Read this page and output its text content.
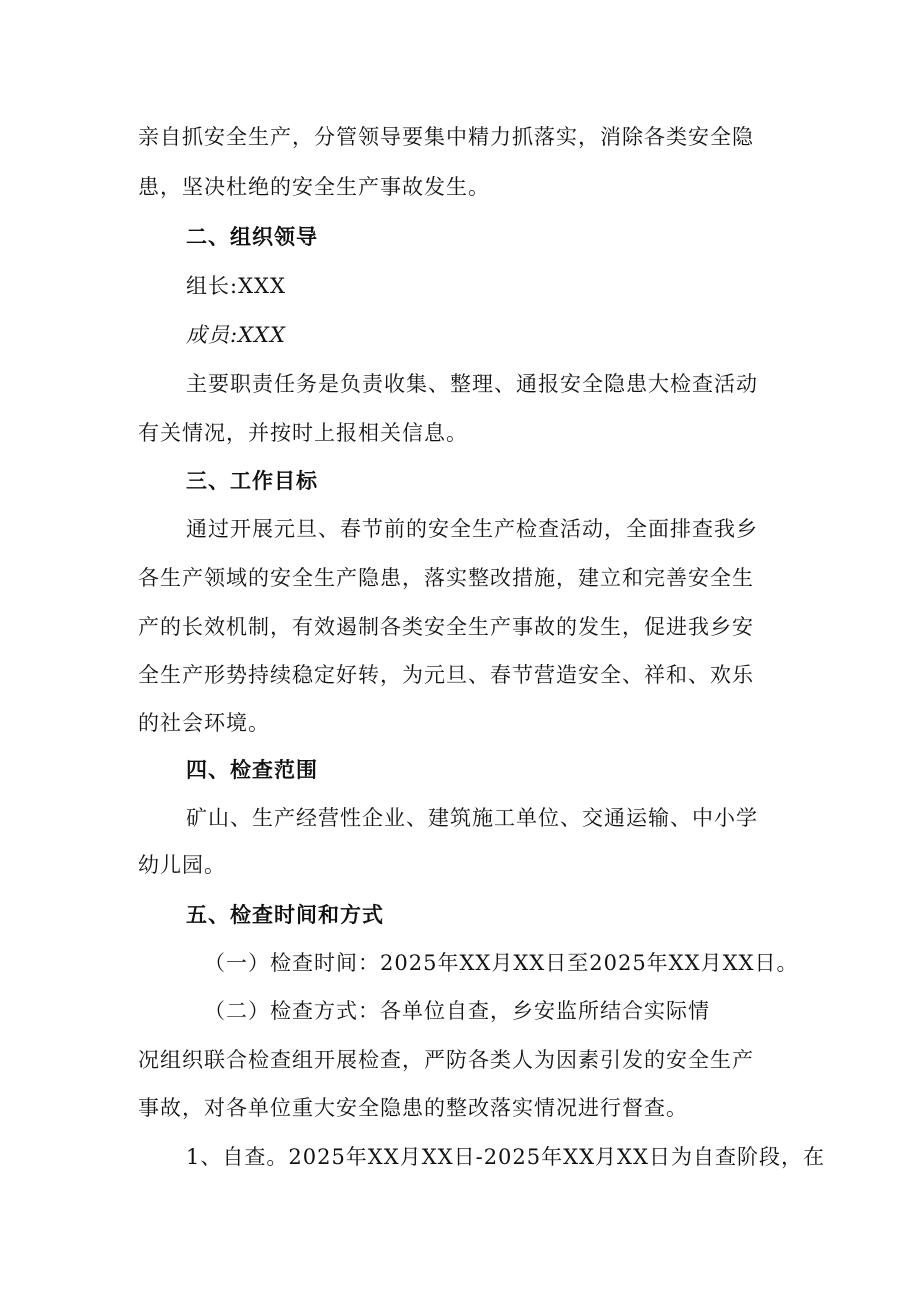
亲自抓安全生产，分管领导要集中精力抓落实，消除各类安全隐
患，坚决杜绝的安全生产事故发生。
二、组织领导
组长:XXX
成员:XXX
主要职责任务是负责收集、整理、通报安全隐患大检查活动
有关情况，并按时上报相关信息。
三、工作目标
通过开展元旦、春节前的安全生产检查活动，全面排查我乡
各生产领域的安全生产隐患，落实整改措施，建立和完善安全生
产的长效机制，有效遏制各类安全生产事故的发生，促进我乡安
全生产形势持续稳定好转，为元旦、春节营造安全、祥和、欢乐
的社会环境。
四、检查范围
矿山、生产经营性企业、建筑施工单位、交通运输、中小学
幼儿园。
五、检查时间和方式
（一）检查时间：2025年XX月XX日至2025年XX月XX日。
（二）检查方式：各单位自查，乡安监所结合实际情
况组织联合检查组开展检查，严防各类人为因素引发的安全生产
事故，对各单位重大安全隐患的整改落实情况进行督查。
1、自查。2025年XX月XX日-2025年XX月XX日为自查阶段，在
